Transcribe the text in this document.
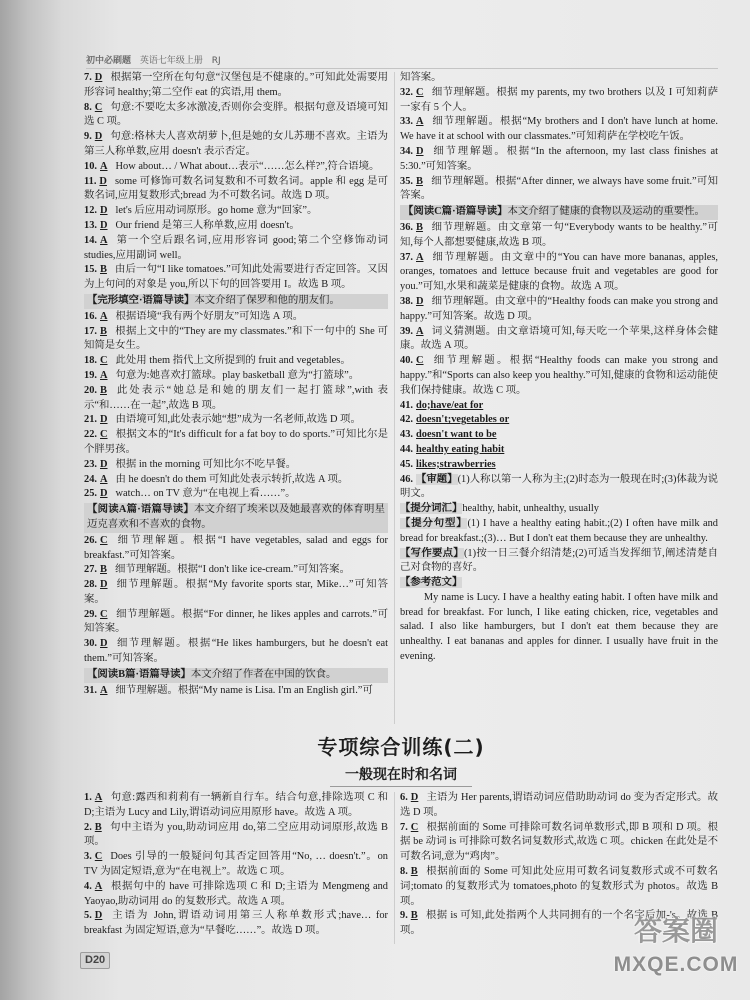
初中必刷题 英语七年级上册 RJ
7. D 根据第一空所在句句意“汉堡包是不健康的。”可知此处需要用形容词 healthy;第二空作 eat 的宾语,用 them。
8. C 句意:不要吃太多冰激凌,否则你会变胖。根据句意及语境可知选 C 项。
9. D 句意:格林夫人喜欢胡萝卜,但是她的女儿苏珊不喜欢。主语为第三人称单数,应用 doesn't 表示否定。
10. A How about… / What about…表示“……怎么样?”,符合语境。
11. D some 可修饰可数名词复数和不可数名词。apple 和 egg 是可数名词,应用复数形式;bread 为不可数名词。故选 D 项。
12. D let's 后应用动词原形。go home 意为“回家”。
13. D Our friend 是第三人称单数,应用 doesn't。
14. A 第一个空后跟名词,应用形容词 good;第二个空修饰动词 studies,应用副词 well。
15. B 由后一句“I like tomatoes.”可知此处需要进行否定回答。又因为上句问的对象是 you,所以下句的回答要用 I。故选 B 项。
【完形填空·语篇导读】本文介绍了保罗和他的朋友们。
16. A 根据语境“我有两个好朋友”可知选 A 项。
17. B 根据上文中的“They are my classmates.”和下一句中的 She 可知简是女生。
18. C 此处用 them 指代上文所提到的 fruit and vegetables。
19. A 句意为:她喜欢打篮球。play basketball 意为“打篮球”。
20. B 此处表示“她总是和她的朋友们一起打篮球”,with 表示“和……在一起”,故选 B 项。
21. D 由语境可知,此处表示她“想”成为一名老师,故选 D 项。
22. C 根据文本的“It's difficult for a fat boy to do sports.”可知比尔是个胖男孩。
23. D 根据 in the morning 可知比尔不吃早餐。
24. A 由 he doesn't do them 可知此处表示转折,故选 A 项。
25. D watch… on TV 意为“在电视上看……”。
【阅读A篇·语篇导读】本文介绍了埃米以及她最喜欢的体育明星迈克喜欢和不喜欢的食物。
26. C 细节理解题。根据“I have vegetables, salad and eggs for breakfast.”可知答案。
27. B 细节理解题。根据“I don't like ice-cream.”可知答案。
28. D 细节理解题。根据“My favorite sports star, Mike…”可知答案。
29. C 细节理解题。根据“For dinner, he likes apples and carrots.”可知答案。
30. D 细节理解题。根据“He likes hamburgers, but he doesn't eat them.”可知答案。
【阅读B篇·语篇导读】本文介绍了作者在中国的饮食。
31. A 细节理解题。根据“My name is Lisa. I'm an English girl.”可
知答案。
32. C 细节理解题。根据 my parents, my two brothers 以及 I 可知莉萨一家有 5 个人。
33. A 细节理解题。根据“My brothers and I don't have lunch at home. We have it at school with our classmates.”可知莉萨在学校吃午饭。
34. D 细节理解题。根据“In the afternoon, my last class finishes at 5:30.”可知答案。
35. B 细节理解题。根据“After dinner, we always have some fruit.”可知答案。
【阅读C篇·语篇导读】本文介绍了健康的食物以及运动的重要性。
36. B 细节理解题。由文章第一句“Everybody wants to be healthy.”可知,每个人都想要健康,故选 B 项。
37. A 细节理解题。由文章中的“You can have more bananas, apples, oranges, tomatoes and lettuce because fruit and vegetables are good for you.”可知,水果和蔬菜是健康的食物。故选 A 项。
38. D 细节理解题。由文章中的“Healthy foods can make you strong and happy.”可知答案。故选 D 项。
39. A 词义猜测题。由文章语境可知,每天吃一个苹果,这样身体会健康。故选 A 项。
40. C 细节理解题。根据“Healthy foods can make you strong and happy.”和“Sports can also keep you healthy.”可知,健康的食物和运动能使我们保持健康。故选 C 项。
41. do;have/eat for
42. doesn't;vegetables or
43. doesn't want to be
44. healthy eating habit
45. likes;strawberries
46. 【审题】(1)人称以第一人称为主;(2)时态为一般现在时;(3)体裁为说明文。
【提分词汇】healthy, habit, unhealthy, usually
【提分句型】(1) I have a healthy eating habit.;(2) I often have milk and bread for breakfast.;(3)… But I don't eat them because they are unhealthy.
【写作要点】(1)按一日三餐介绍清楚;(2)可适当发挥细节,阐述清楚自己对食物的喜好。
【参考范文】
My name is Lucy. I have a healthy eating habit. I often have milk and bread for breakfast. For lunch, I like eating chicken, rice, vegetables and salad. I also like hamburgers, but I don't eat them because they are unhealthy. I eat bananas and apples for dinner. I usually have fruit in the evening.
专项综合训练(二)
一般现在时和名词
1. A 句意:露西和莉莉有一辆新自行车。结合句意,排除选项 C 和 D;主语为 Lucy and Lily,谓语动词应用原形 have。故选 A 项。
2. B 句中主语为 you,助动词应用 do,第二空应用动词原形,故选 B 项。
3. C Does 引导的一般疑问句其否定回答用“No, … doesn't.”。on TV 为固定短语,意为“在电视上”。故选 C 项。
4. A 根据句中的 have 可排除选项 C 和 D;主语为 Mengmeng and Yaoyao,助动词用 do 的复数形式。故选 A 项。
5. D 主语为 John,谓语动词用第三人称单数形式;have… for breakfast 为固定短语,意为“早餐吃……”。故选 D 项。
6. D 主语为 Her parents,谓语动词应借助助动词 do 变为否定形式。故选 D 项。
7. C 根据前面的 Some 可排除可数名词单数形式,即 B 项和 D 项。根据 be 动词 is 可排除可数名词复数形式,故选 C 项。chicken 在此处是不可数名词,意为“鸡肉”。
8. B 根据前面的 Some 可知此处应用可数名词复数形式或不可数名词;tomato 的复数形式为 tomatoes,photo 的复数形式为 photos。故选 B 项。
9. B 根据 is 可知,此处指两个人共同拥有的一个名字后加-'s。故选 B 项。
D20
答案圈
MXQE.COM
